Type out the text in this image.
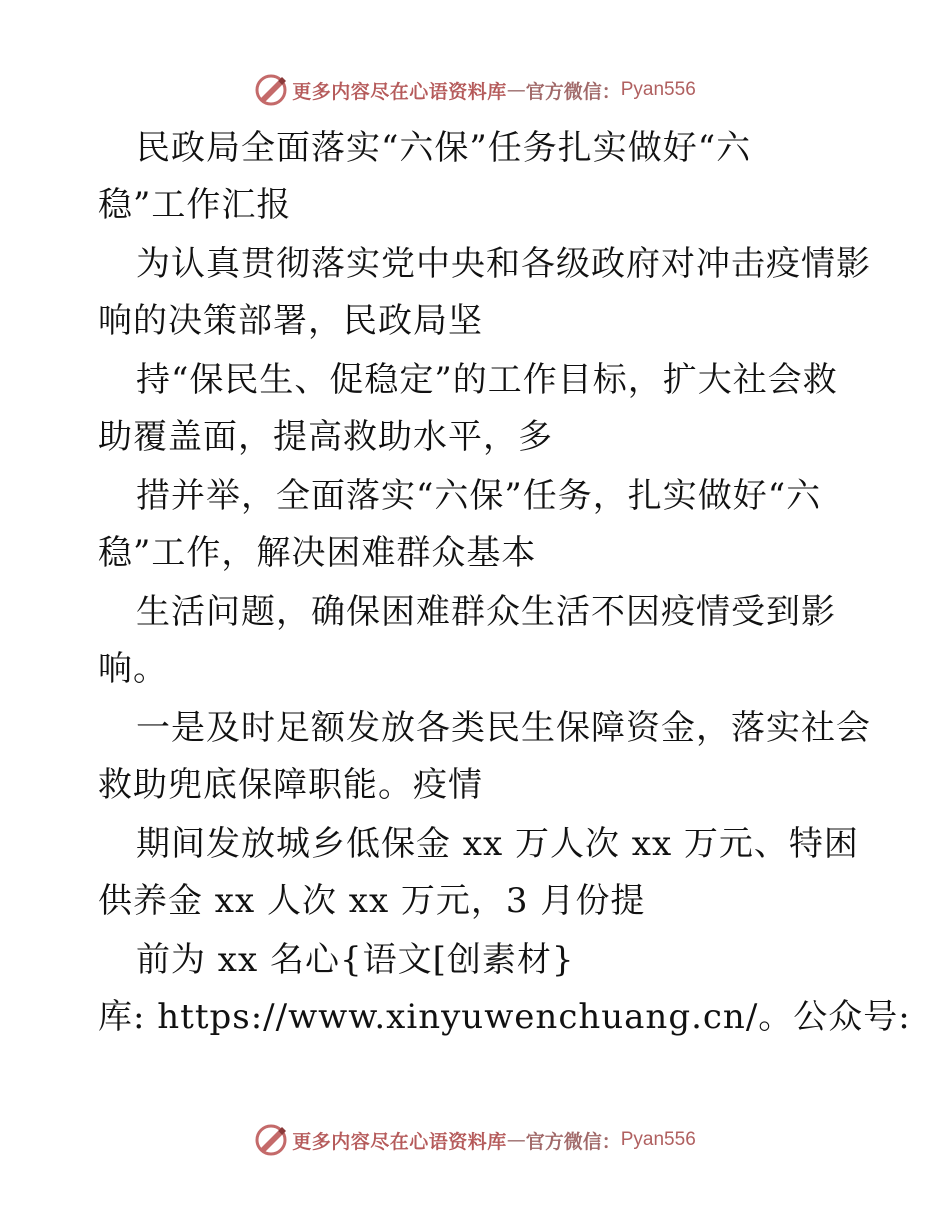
更多内容尽在心语资料库 — 官方微信： Pyan556
民政局全面落实“六保”任务扎实做好“六
稳”工作汇报
为认真贯彻落实党中央和各级政府对冲击疫情影
响的决策部署，民政局坚
持“保民生、促稳定”的工作目标，扩大社会救
助覆盖面，提高救助水平，多
措并举，全面落实“六保”任务，扎实做好“六
稳”工作，解决困难群众基本
生活问题，确保困难群众生活不因疫情受到影
响。
一是及时足额发放各类民生保障资金，落实社会
救助兜底保障职能。疫情
期间发放城乡低保金 xx 万人次 xx 万元、特困
供养金 xx 人次 xx 万元，3 月份提
前为 xx 名心{语文[创素材}
库: https://www.xinyuwenchuang.cn/。公众号:
更多内容尽在心语资料库 — 官方微信： Pyan556
